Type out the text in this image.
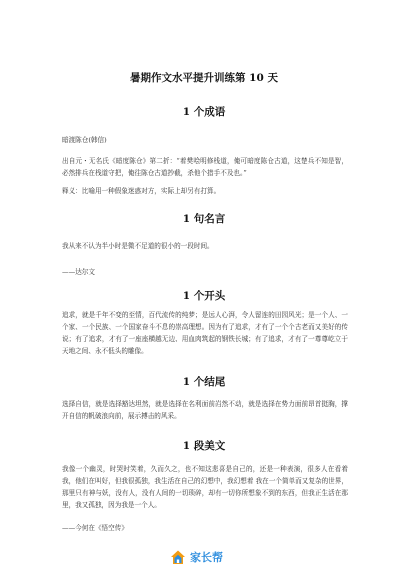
暑期作文水平提升训练第 10 天
1 个成语
暗渡陈仓(韩信)
出自元・无名氏《暗度陈仓》第二折：“着樊哙明修栈道，俺可暗度陈仓古道，这楚兵不知是智，必然排兵在栈道守把，俺往陈仓古道抄截，杀他个措手不及也。”
释义：比喻用一种假象迷惑对方，实际上却另有打算。
1 句名言
我从来不认为半小时是微不足道的很小的一段时间。
——达尔文
1 个开头
追求，就是千年不变的至情，百代流传的纯梦；是远人心湃，令人留连的田园风光；是一个人、一个家、一个民族、一个国家奋斗不息的崇高理想。因为有了追求，才有了一个个古老而又美好的传说；有了追求，才有了一座座横越无边、用血肉筑起的钢铁长城；有了追求，才有了一尊尊屹立于天地之间、永不低头的雕像。
1 个结尾
选择自信，就是选择豁达坦然，就是选择在名利面前岿然不动，就是选择在势力面前昂首挺胸，撑开自信的帆破浪向前，展示搏击的风采。
1 段美文
我像一个幽灵，时哭时笑着，久而久之，也不知这悲喜是自己的，还是一种表演，很多人在看着我，他们在叫好，但我很孤独，我生活在自己的幻想中，我幻想着 我在一个简单而又复杂的世界，那里只有神与妖，没有人，没有人间的一切琐碎，却有一切你所想象不到的东西，但我正生活在那里，我又孤独，因为我是一个人。
——今何在《悟空传》
家长帮
